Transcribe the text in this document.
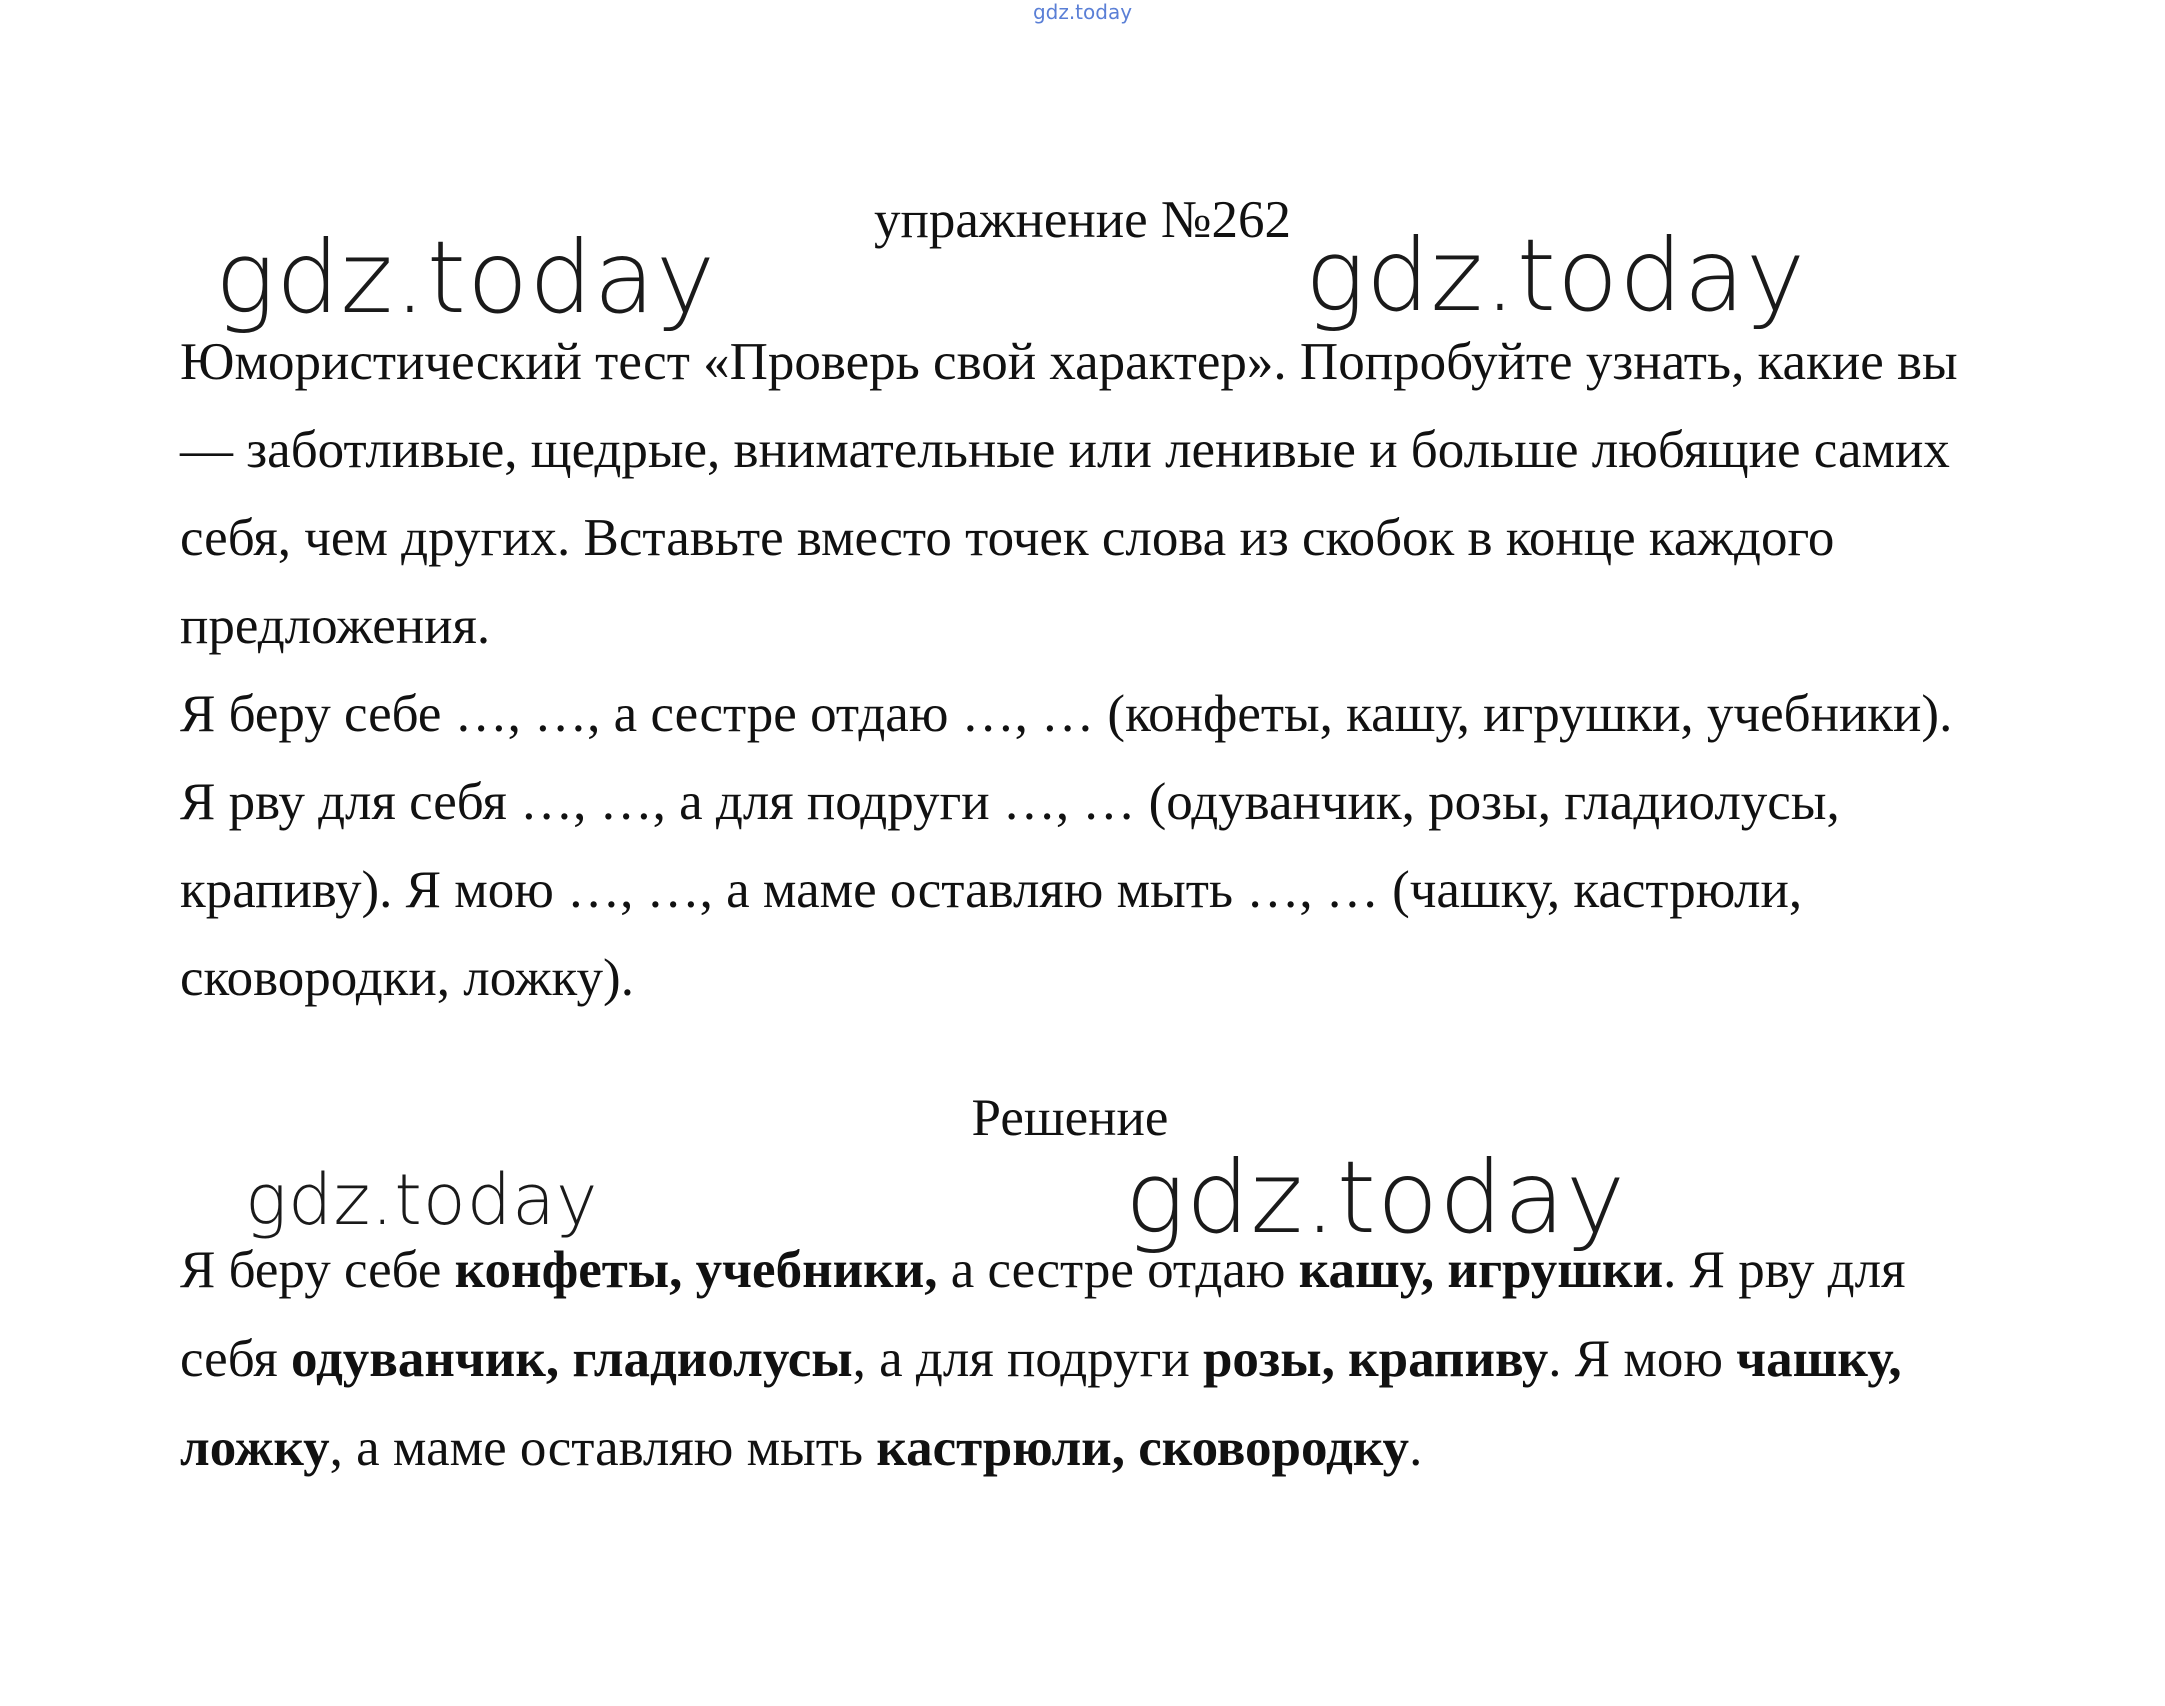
gdz.today
gdz.today	gdz.today
gdz.today	gdz.today
упражнение №262

Юмористический тест «Проверь свой характер». Попробуйте узнать, какие вы — заботливые, щедрые, внимательные или ленивые и больше любящие самих себя, чем других. Вставьте вместо точек слова из скобок в конце каждого предложения.

Я беру себе …, …, а сестре отдаю …, … (конфеты, кашу, игрушки, учебники). Я рву для себя …, …, а для подруги …, … (одуванчик, розы, гладиолусы, крапиву). Я мою …, …, а маме оставляю мыть …, … (чашку, кастрюли, сковородки, ложку).

Решение

Я беру себе конфеты, учебники, а сестре отдаю кашу, игрушки. Я рву для себя одуванчик, гладиолусы, а для подруги розы, крапиву. Я мою чашку, ложку, а маме оставляю мыть кастрюли, сковородку.
